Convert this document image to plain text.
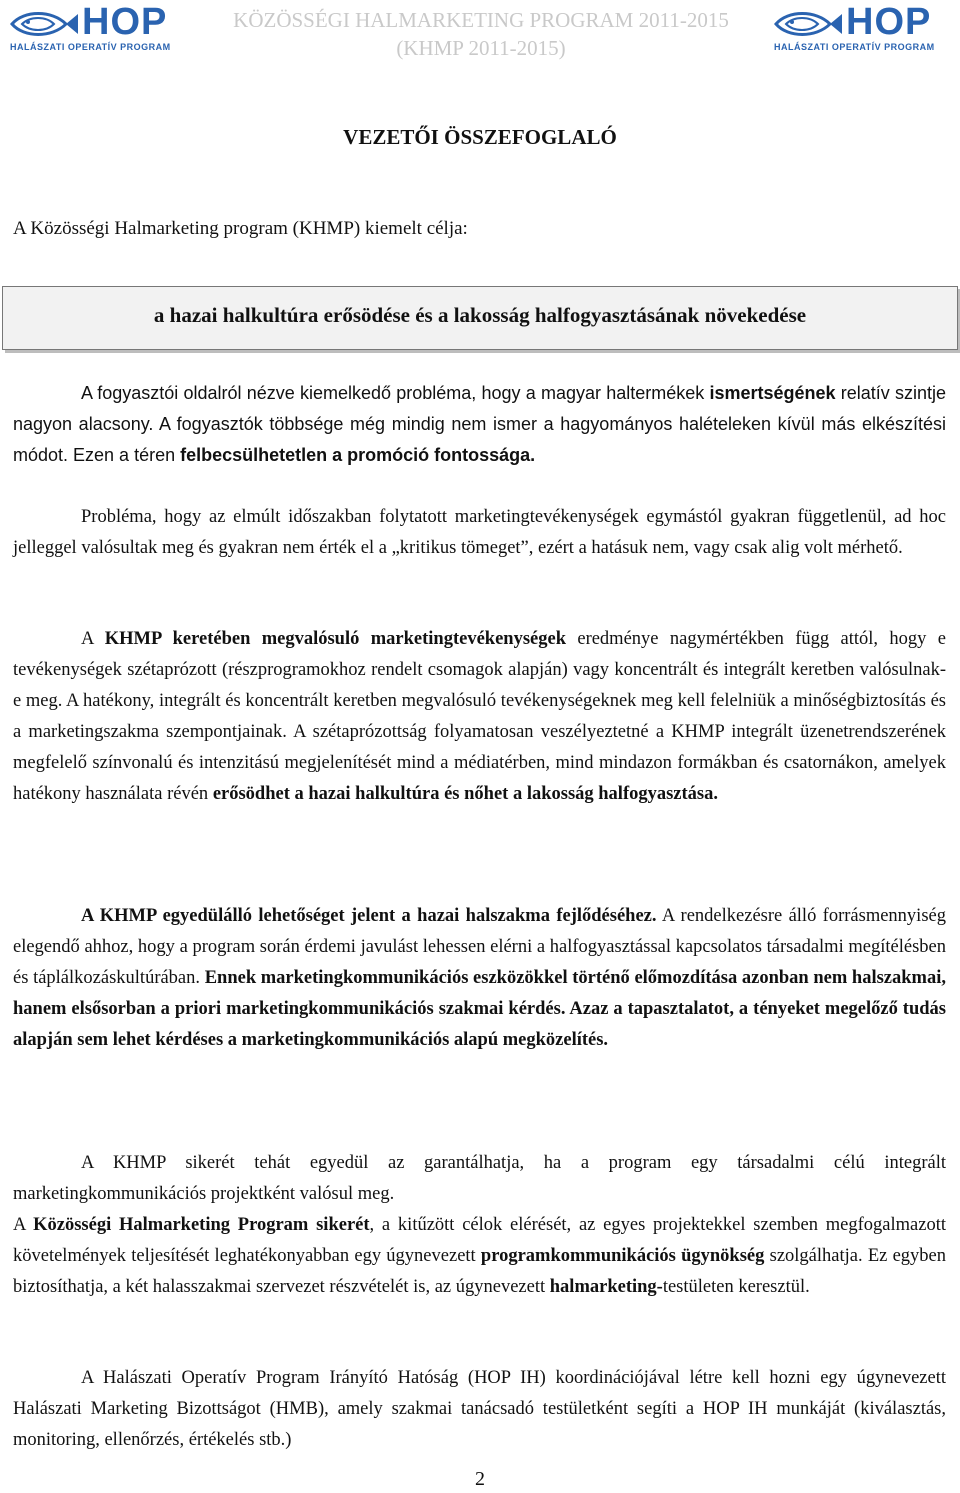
HOP
HALÁSZATI OPERATÍV PROGRAM
KÖZÖSSÉGI HALMARKETING PROGRAM 2011-2015
(KHMP 2011-2015)
HOP
HALÁSZATI OPERATÍV PROGRAM
VEZETŐI ÖSSZEFOGLALÓ
A Közösségi Halmarketing program (KHMP) kiemelt célja:
a hazai halkultúra erősödése és a lakosság halfogyasztásának növekedése

A fogyasztói oldalról nézve kiemelkedő probléma, hogy a magyar haltermékek ismertségének relatív szintje nagyon alacsony. A fogyasztók többsége még mindig nem ismer a hagyományos halételeken kívül más elkészítési módot. Ezen a téren felbecsülhetetlen a promóció fontossága.

Probléma, hogy az elmúlt időszakban folytatott marketingtevékenységek egymástól gyakran függetlenül, ad hoc jelleggel valósultak meg és gyakran nem érték el a „kritikus tömeget”, ezért a hatásuk nem, vagy csak alig volt mérhető.

A KHMP keretében megvalósuló marketingtevékenységek eredménye nagymértékben függ attól, hogy e tevékenységek szétaprózott (részprogramokhoz rendelt csomagok alapján) vagy koncentrált és integrált keretben valósulnak-e meg. A hatékony, integrált és koncentrált keretben megvalósuló tevékenységeknek meg kell felelniük a minőségbiztosítás és a marketingszakma szempontjainak. A szétaprózottság folyamatosan veszélyeztetné a KHMP integrált üzenetrendszerének megfelelő színvonalú és intenzitású megjelenítését mind a médiatérben, mind mindazon formákban és csatornákon, amelyek hatékony használata révén erősödhet a hazai halkultúra és nőhet a lakosság halfogyasztása.

A KHMP egyedülálló lehetőséget jelent a hazai halszakma fejlődéséhez. A rendelkezésre álló forrásmennyiség elegendő ahhoz, hogy a program során érdemi javulást lehessen elérni a halfogyasztással kapcsolatos társadalmi megítélésben és táplálkozáskultúrában. Ennek marketingkommunikációs eszközökkel történő előmozdítása azonban nem halszakmai, hanem elsősorban a priori marketingkommunikációs szakmai kérdés. Azaz a tapasztalatot, a tényeket megelőző tudás alapján sem lehet kérdéses a marketingkommunikációs alapú megközelítés.

A KHMP sikerét tehát egyedül az garantálhatja, ha a program egy társadalmi célú integrált marketingkommunikációs projektként valósul meg.

A Közösségi Halmarketing Program sikerét, a kitűzött célok elérését, az egyes projektekkel szemben megfogalmazott követelmények teljesítését leghatékonyabban egy úgynevezett programkommunikációs ügynökség szolgálhatja. Ez egyben biztosíthatja, a két halasszakmai szervezet részvételét is, az úgynevezett halmarketing-testületen keresztül.

A Halászati Operatív Program Irányító Hatóság (HOP IH) koordinációjával létre kell hozni egy úgynevezett Halászati Marketing Bizottságot (HMB), amely szakmai tanácsadó testületként segíti a HOP IH munkáját (kiválasztás, monitoring, ellenőrzés, értékelés stb.)

2
